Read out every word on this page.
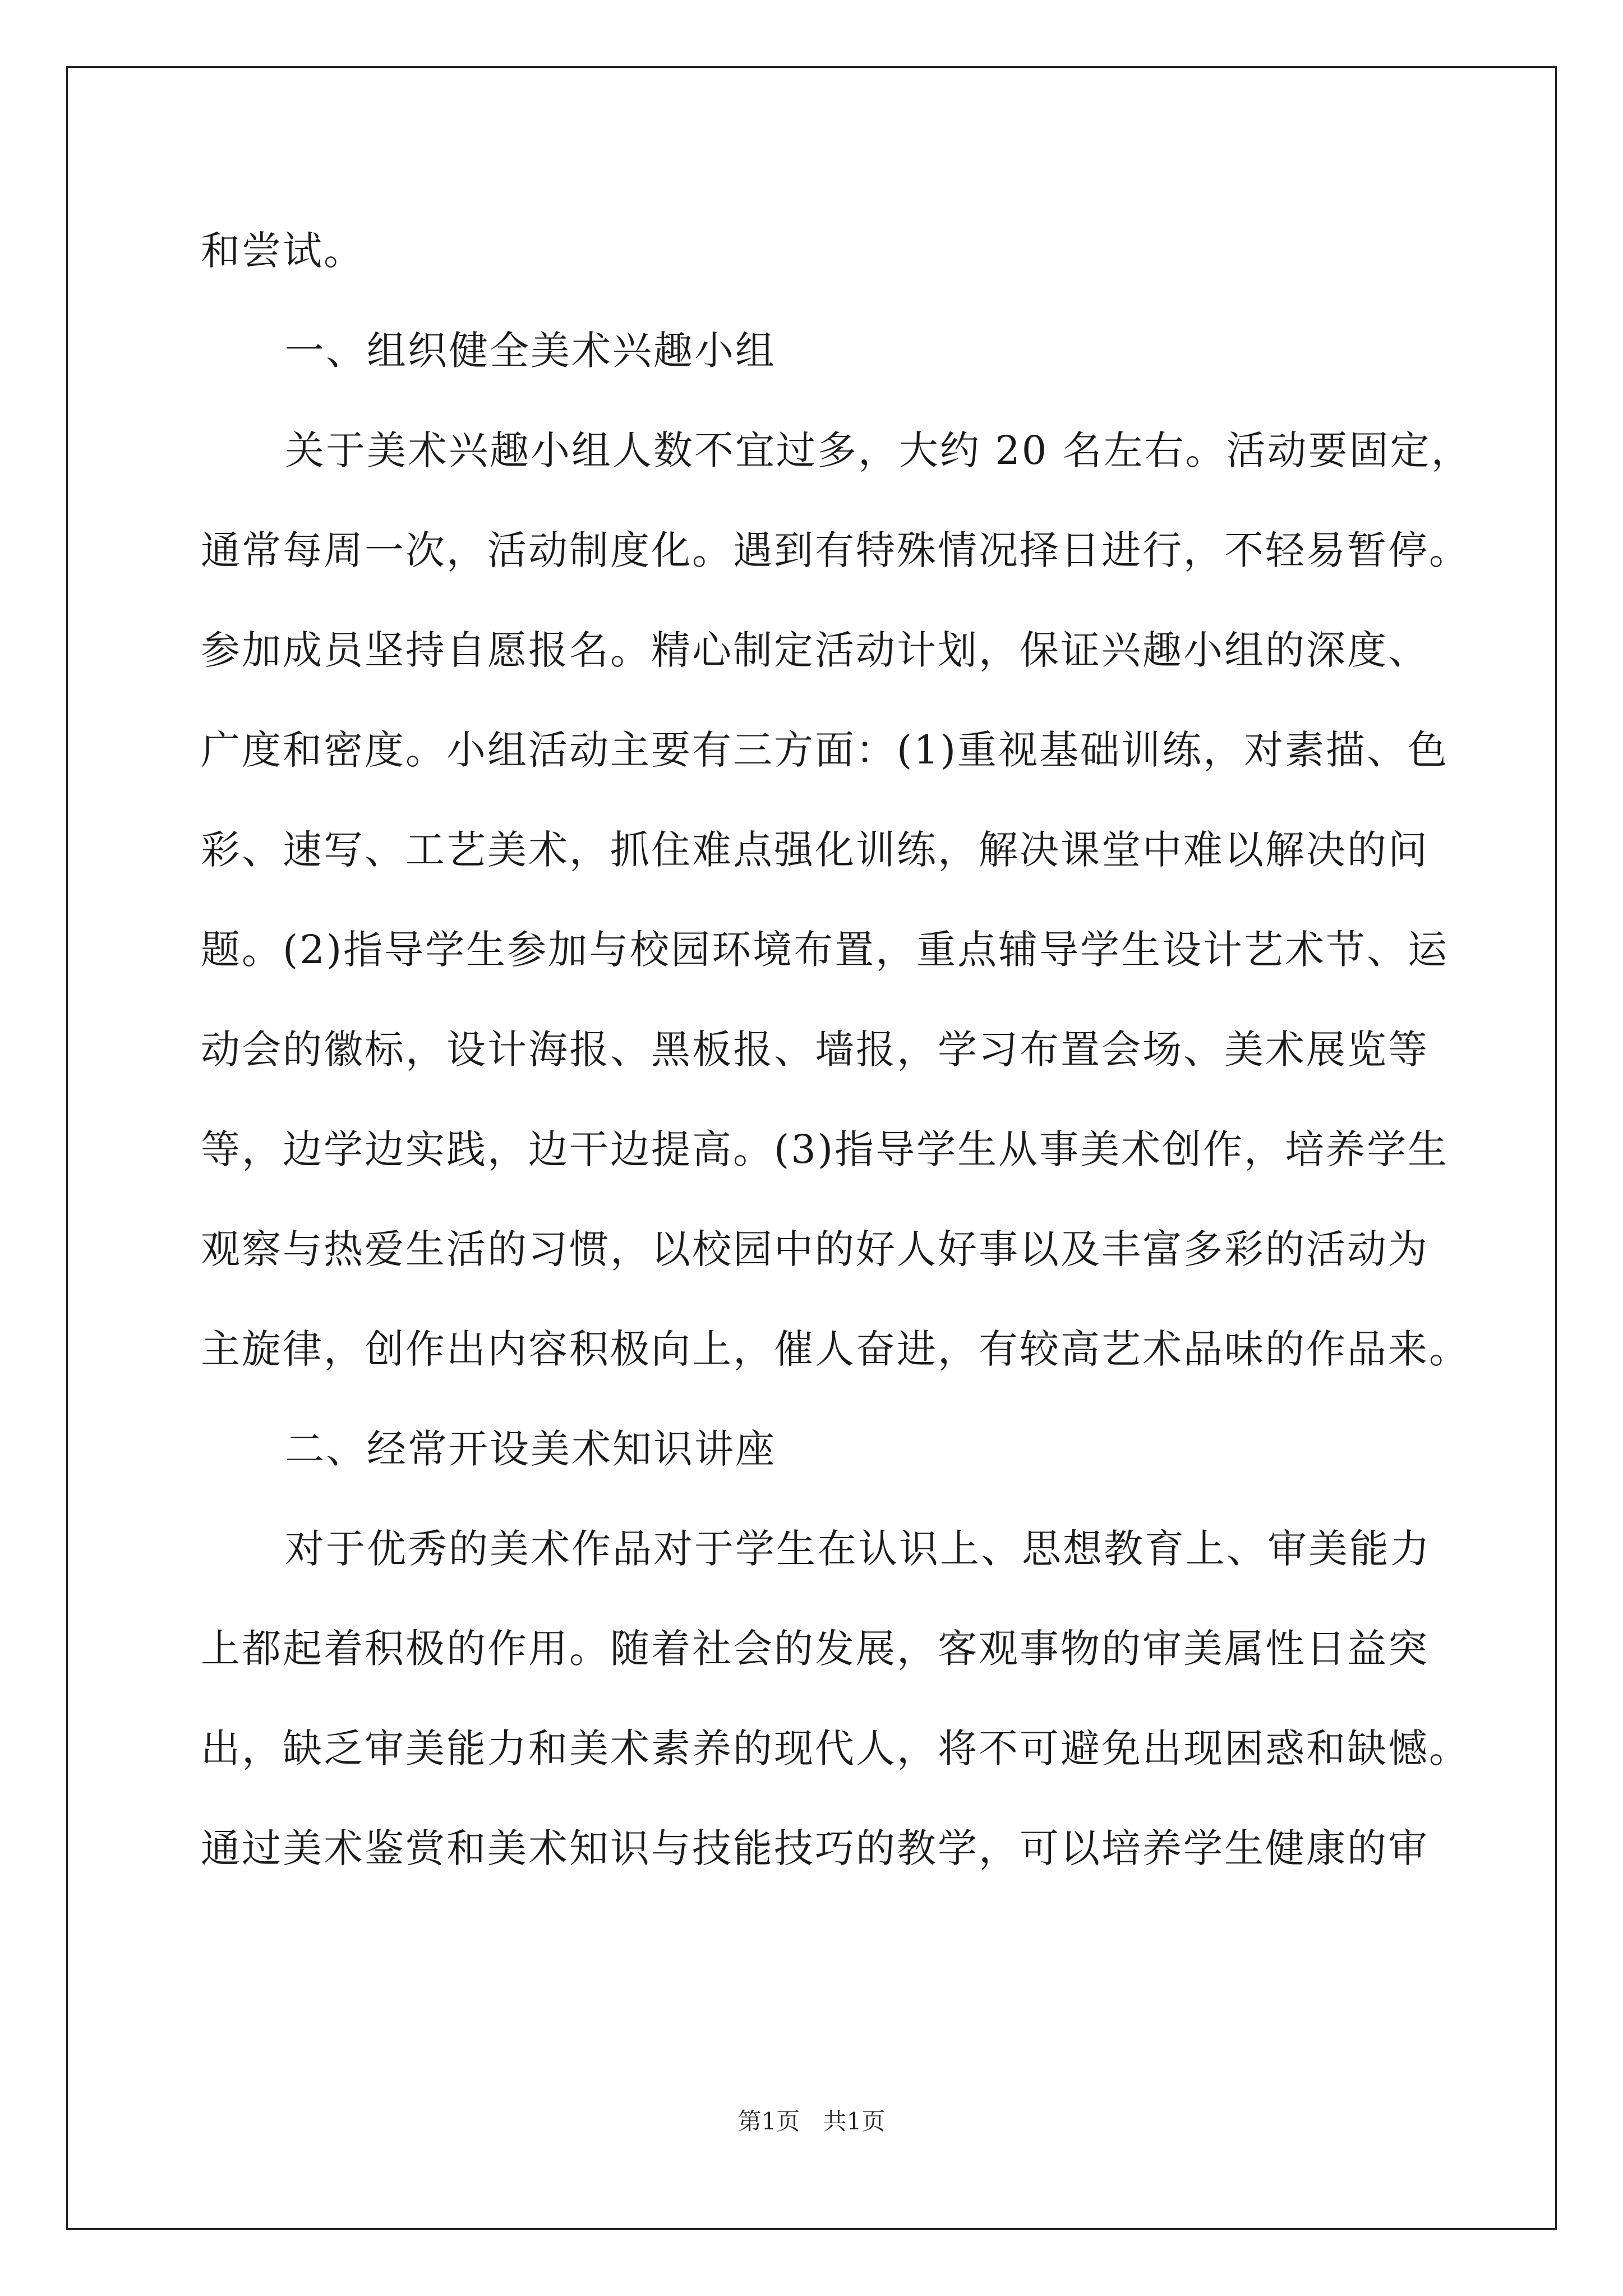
和尝试。
一、组织健全美术兴趣小组
关于美术兴趣小组人数不宜过多，大约 20 名左右。活动要固定，
通常每周一次，活动制度化。遇到有特殊情况择日进行，不轻易暂停。
参加成员坚持自愿报名。精心制定活动计划，保证兴趣小组的深度、
广度和密度。小组活动主要有三方面：(1)重视基础训练，对素描、色
彩、速写、工艺美术，抓住难点强化训练，解决课堂中难以解决的问
题。(2)指导学生参加与校园环境布置，重点辅导学生设计艺术节、运
动会的徽标，设计海报、黑板报、墙报，学习布置会场、美术展览等
等，边学边实践，边干边提高。(3)指导学生从事美术创作，培养学生
观察与热爱生活的习惯，以校园中的好人好事以及丰富多彩的活动为
主旋律，创作出内容积极向上，催人奋进，有较高艺术品味的作品来。
二、经常开设美术知识讲座
对于优秀的美术作品对于学生在认识上、思想教育上、审美能力
上都起着积极的作用。随着社会的发展，客观事物的审美属性日益突
出，缺乏审美能力和美术素养的现代人，将不可避免出现困惑和缺憾。
通过美术鉴赏和美术知识与技能技巧的教学，可以培养学生健康的审
第1页 共1页
